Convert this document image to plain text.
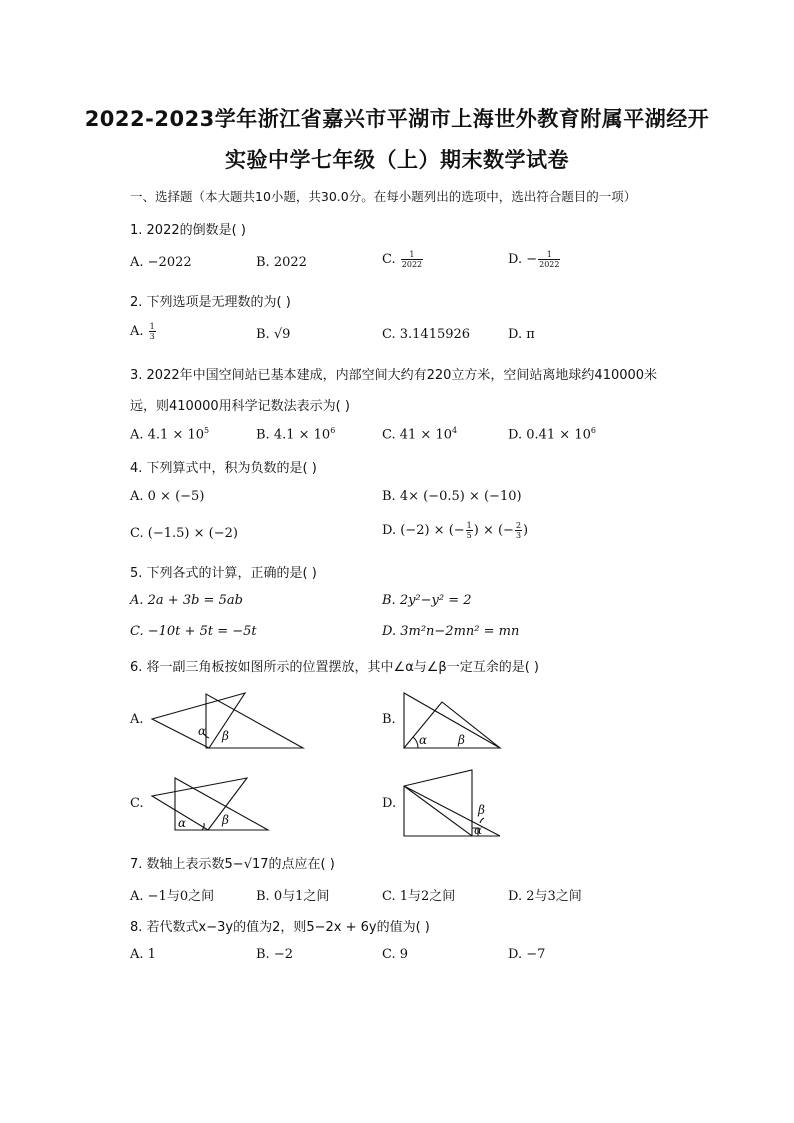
2022-2023学年浙江省嘉兴市平湖市上海世外教育附属平湖经开
实验中学七年级（上）期末数学试卷
一、选择题（本大题共10小题，共30.0分。在每小题列出的选项中，选出符合题目的一项）
1. 2022的倒数是( )
A. −2022	B. 2022	C. $\frac{1}{2022}$	D. − $\frac{1}{2022}$
2. 下列选项是无理数的为( )
A. $\frac{1}{3}$	B. √9	C. 3.1415926	D. π
3. 2022年中国空间站已基本建成，内部空间大约有220立方米，空间站离地球约410000米
远，则410000用科学记数法表示为( )
A. $4.1 \times 10^5$	B. $4.1 \times 10^6$	C. $41 \times 10^4$	D. $0.41 \times 10^6$
4. 下列算式中，积为负数的是( )
A. 0 × (−5)	B. 4× (−0.5) × (−10)
C. (−1.5) × (−2)	D. (−2) × (− $\frac{1}{5}$ ) × (− $\frac{2}{3}$ )
5. 下列各式的计算，正确的是( )
A. 2a + 3b = 5ab	B. 2y²−y² = 2
C. −10t + 5t = −5t	D. 3m²n−2mn² = mn
6. 将一副三角板按如图所示的位置摆放，其中∠α与∠β一定互余的是( )
A.
α β
B.
α	β
C.
α	β
D.
α
β
7. 数轴上表示数5−√17的点应在( )
A. −1与0之间	B. 0与1之间	C. 1与2之间	D. 2与3之间
8. 若代数式x−3y的值为2，则5−2x + 6y的值为( )
A. 1	B. −2	C. 9	D. −7
